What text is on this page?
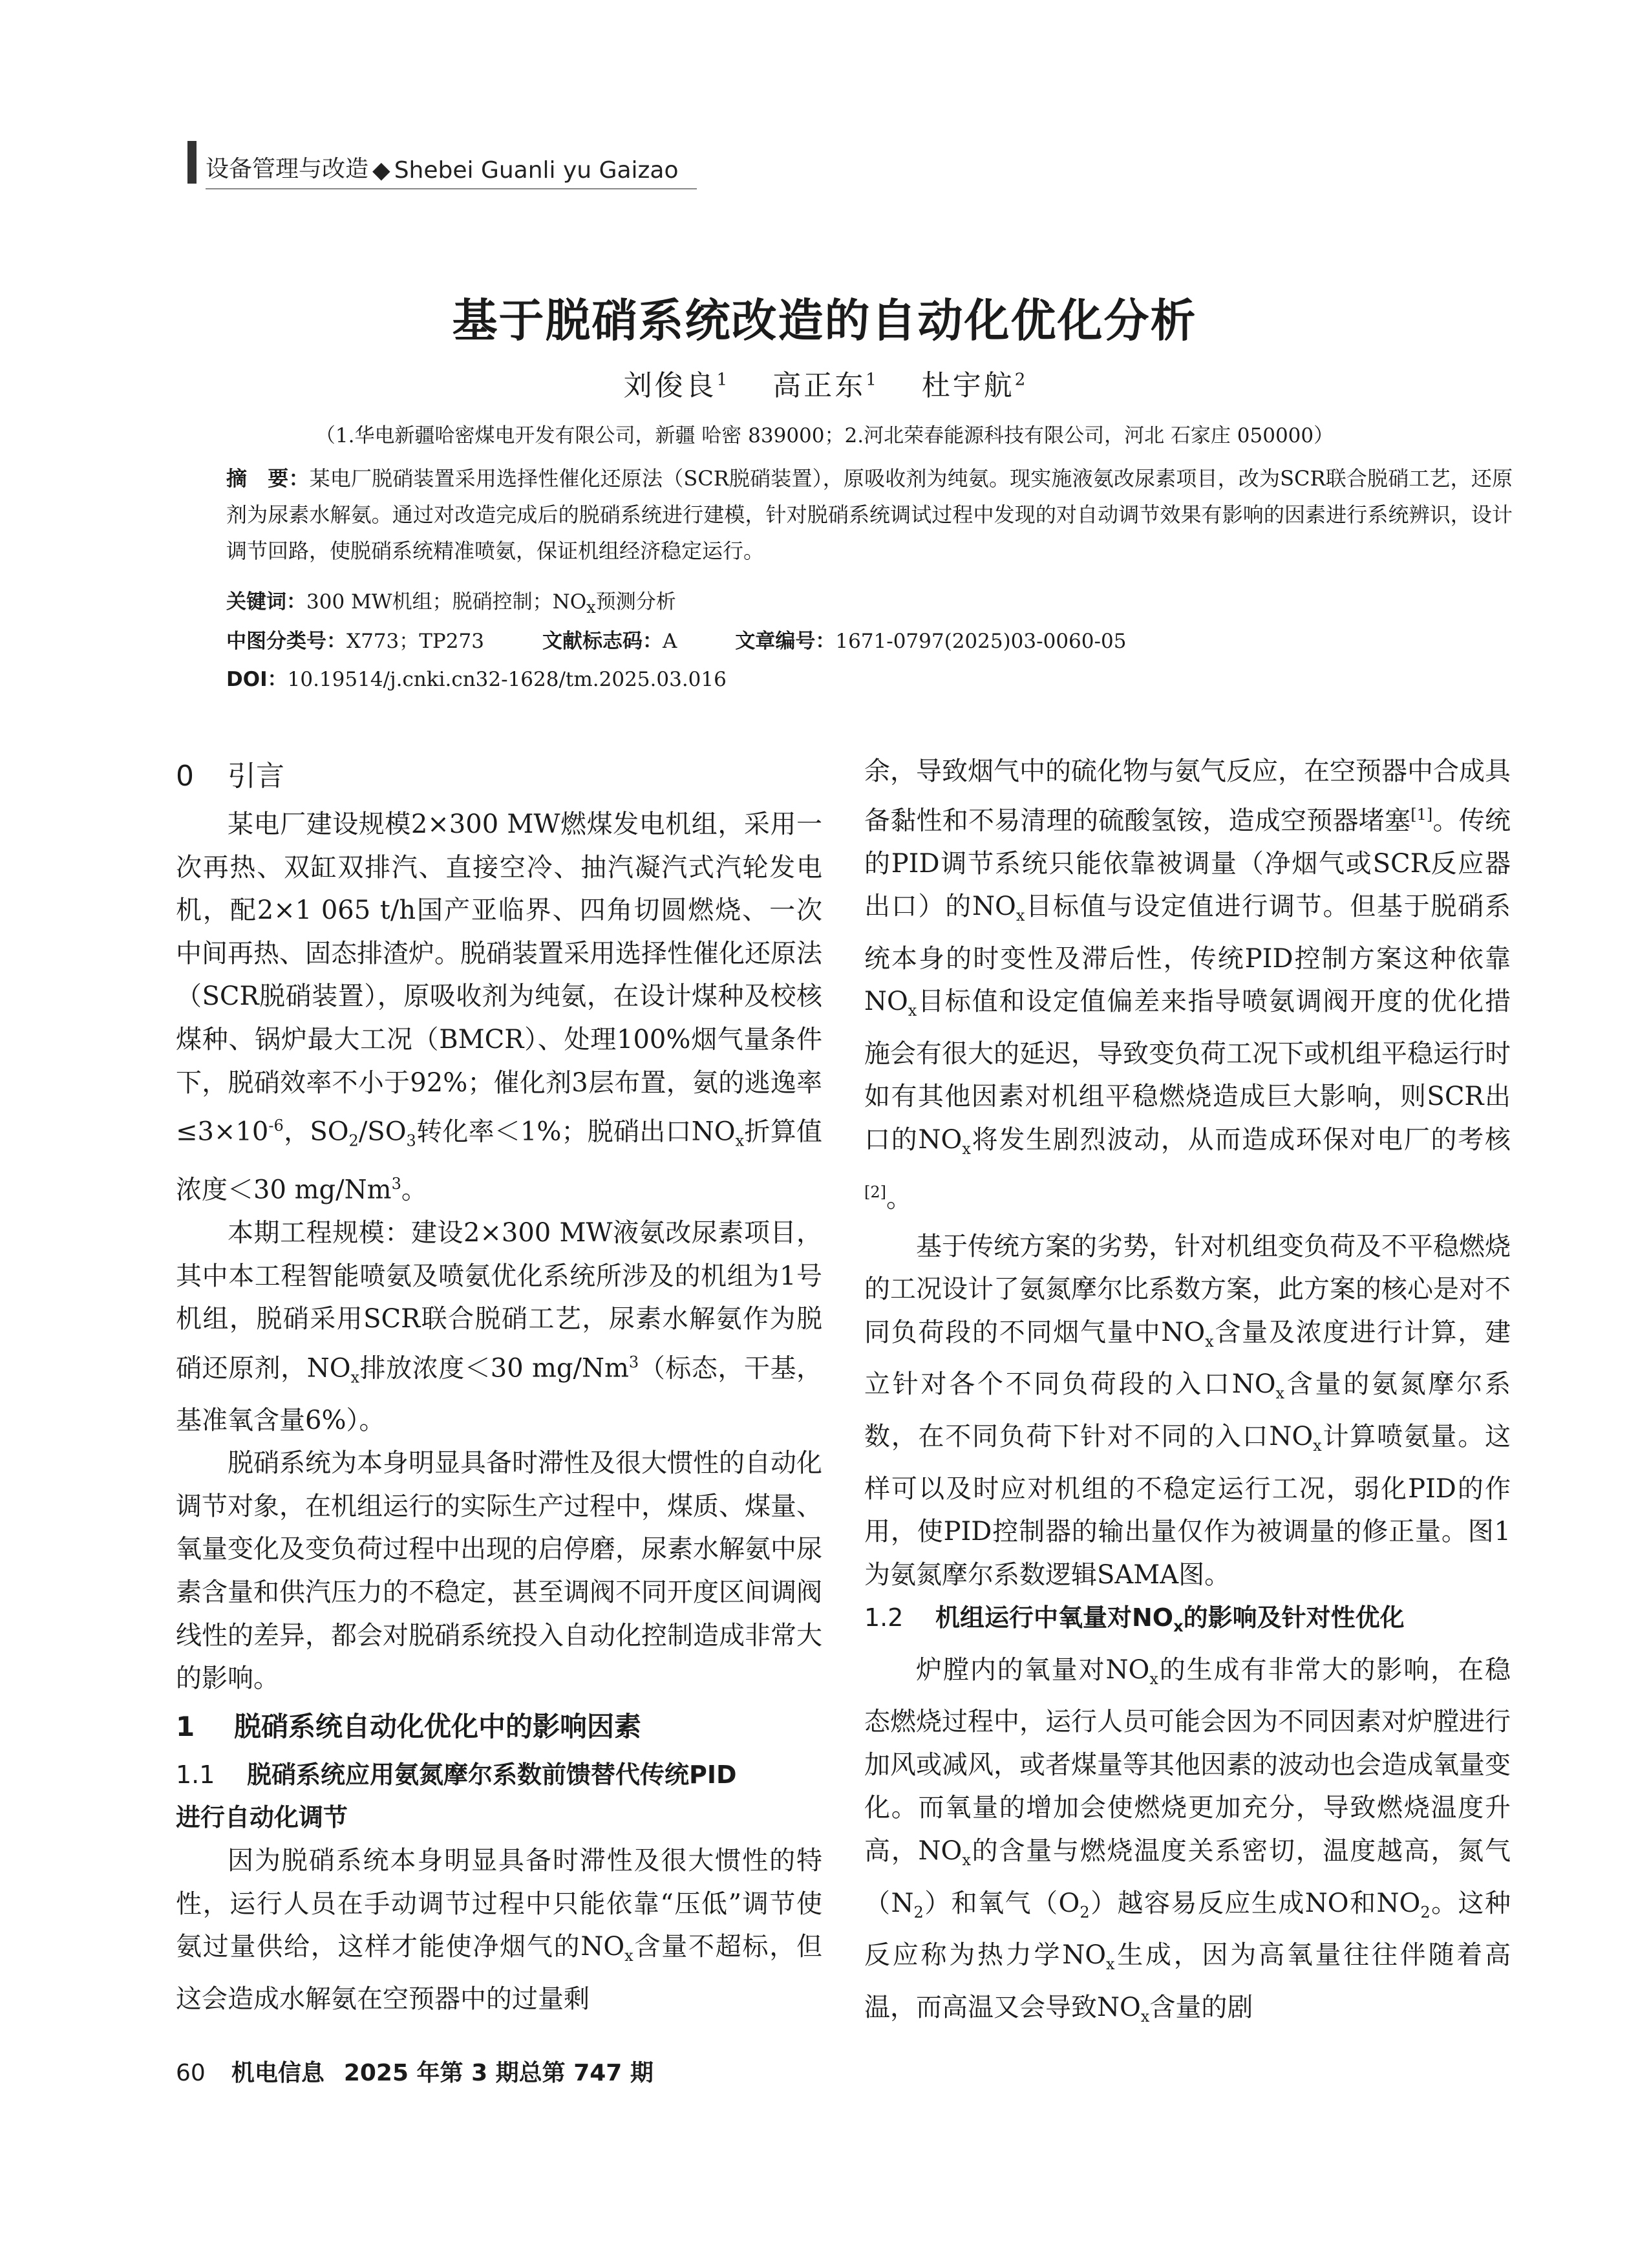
设备管理与改造 ◆ Shebei Guanli yu Gaizao
基于脱硝系统改造的自动化优化分析
刘俊良$^1$ 高正东$^1$ 杜宇航$^2$
（1.华电新疆哈密煤电开发有限公司，新疆 哈密 839000；2.河北荣春能源科技有限公司，河北 石家庄 050000）
摘　要：某电厂脱硝装置采用选择性催化还原法（SCR脱硝装置），原吸收剂为纯氨。现实施液氨改尿素项目，改为SCR联合脱硝工艺，还原剂为尿素水解氨。通过对改造完成后的脱硝系统进行建模，针对脱硝系统调试过程中发现的对自动调节效果有影响的因素进行系统辨识，设计调节回路，使脱硝系统精准喷氨，保证机组经济稳定运行。
关键词：300 MW机组；脱硝控制；$NO_x$预测分析
中图分类号：X773；TP273	文献标志码：A	文章编号：1671-0797(2025)03-0060-05
DOI：10.19514/j.cnki.cn32-1628/tm.2025.03.016
0 引言

某电厂建设规模2×300 MW燃煤发电机组，采用一次再热、双缸双排汽、直接空冷、抽汽凝汽式汽轮发电机，配2×1 065 t/h国产亚临界、四角切圆燃烧、一次中间再热、固态排渣炉。脱硝装置采用选择性催化还原法（SCR脱硝装置），原吸收剂为纯氨，在设计煤种及校核煤种、锅炉最大工况（BMCR）、处理100%烟气量条件下，脱硝效率不小于92%；催化剂3层布置，氨的逃逸率$\le 3\times 10^{-6}$，$SO_2/SO_3$转化率＜1%；脱硝出口$NO_x$折算值浓度＜30 mg/Nm$^3$。

本期工程规模：建设2×300 MW液氨改尿素项目，其中本工程智能喷氨及喷氨优化系统所涉及的机组为1号机组，脱硝采用SCR联合脱硝工艺，尿素水解氨作为脱硝还原剂，$NO_x$排放浓度＜30 mg/Nm$^3$（标态，干基，基准氧含量6%）。

脱硝系统为本身明显具备时滞性及很大惯性的自动化调节对象，在机组运行的实际生产过程中，煤质、煤量、氧量变化及变负荷过程中出现的启停磨，尿素水解氨中尿素含量和供汽压力的不稳定，甚至调阀不同开度区间调阀线性的差异，都会对脱硝系统投入自动化控制造成非常大的影响。

1 脱硝系统自动化优化中的影响因素
1.1 脱硝系统应用氨氮摩尔系数前馈替代传统PID
进行自动化调节

因为脱硝系统本身明显具备时滞性及很大惯性的特性，运行人员在手动调节过程中只能依靠“压低”调节使氨过量供给，这样才能使净烟气的$NO_x$含量不超标，但这会造成水解氨在空预器中的过量剩

余，导致烟气中的硫化物与氨气反应，在空预器中合成具备黏性和不易清理的硫酸氢铵，造成空预器堵塞[1]。传统的PID调节系统只能依靠被调量（净烟气或SCR反应器出口）的$NO_x$目标值与设定值进行调节。但基于脱硝系统本身的时变性及滞后性，传统PID控制方案这种依靠$NO_x$目标值和设定值偏差来指导喷氨调阀开度的优化措施会有很大的延迟，导致变负荷工况下或机组平稳运行时如有其他因素对机组平稳燃烧造成巨大影响，则SCR出口的$NO_x$将发生剧烈波动，从而造成环保对电厂的考核[2]。

基于传统方案的劣势，针对机组变负荷及不平稳燃烧的工况设计了氨氮摩尔比系数方案，此方案的核心是对不同负荷段的不同烟气量中$NO_x$含量及浓度进行计算，建立针对各个不同负荷段的入口$NO_x$含量的氨氮摩尔系数，在不同负荷下针对不同的入口$NO_x$计算喷氨量。这样可以及时应对机组的不稳定运行工况，弱化PID的作用，使PID控制器的输出量仅作为被调量的修正量。图1为氨氮摩尔系数逻辑SAMA图。

1.2 机组运行中氧量对$NO_x$的影响及针对性优化

炉膛内的氧量对$NO_x$的生成有非常大的影响，在稳态燃烧过程中，运行人员可能会因为不同因素对炉膛进行加风或减风，或者煤量等其他因素的波动也会造成氧量变化。而氧量的增加会使燃烧更加充分，导致燃烧温度升高，$NO_x$的含量与燃烧温度关系密切，温度越高，氮气$(N_2)$和氧气$(O_2)$越容易反应生成NO和$NO_2$。这种反应称为热力学$NO_x$生成，因为高氧量往往伴随着高温，而高温又会导致$NO_x$含量的剧

60 机电信息 2025 年第 3 期总第 747 期
